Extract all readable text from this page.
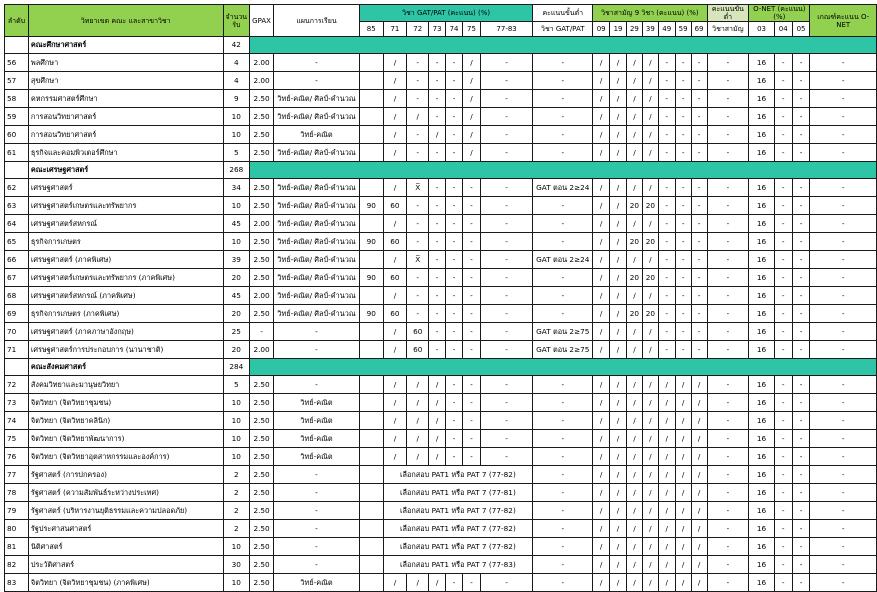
ลำดับ	วิทยาเขต คณะ และสาขาวิชา	จำนวนรับ	GPAX	แผนการเรียน	วิชา GAT/PAT (คะแนน) (%)							คะแนนขั้นต่ำ	วิชาสามัญ 9 วิชา (คะแนน) (%)							คะแนนขั้นต่ำ	O-NET (คะแนน) (%)			เกณฑ์คะแนน O-NET
					85	71	72	73	74	75	77-83	วิชา GAT/PAT	09	19	29	39	49	59	69	วิชาสามัญ	03	04	05	
	คณะศึกษาศาสตร์	42																						
56	พลศึกษา	4	2.00	-		/	-	-	-	/	-	-	/	/	/	/	-	-	-	-	16	-	-	-
57	สุขศึกษา	4	2.00	-		/	-	-	-	/	-	-	/	/	/	/	-	-	-	-	16	-	-	-
58	คหกรรมศาสตร์ศึกษา	9	2.50	วิทย์-คณิต/ ศิลป์-คำนวณ		/	-	-	-	/	-	-	/	/	/	/	-	-	-	-	16	-	-	-
59	การสอนวิทยาศาสตร์	10	2.50	วิทย์-คณิต/ ศิลป์-คำนวณ		/	/	-	-	/	-	-	/	/	/	/	-	-	-	-	16	-	-	-
60	การสอนวิทยาศาสตร์	10	2.50	วิทย์-คณิต		/	-	/	-	/	-	-	/	/	/	/	-	-	-	-	16	-	-	-
61	ธุรกิจและคอมพิวเตอร์ศึกษา	5	2.50	วิทย์-คณิต/ ศิลป์-คำนวณ		/	-	-	-	/	-	-	/	/	/	/	-	-	-	-	16	-	-	-
	คณะเศรษฐศาสตร์	268																						
62	เศรษฐศาสตร์	34	2.50	วิทย์-คณิต/ ศิลป์-คำนวณ		/	X̅	-	-	-	-	GAT ตอน 2≥24	/	/	/	/	-	-	-	-	16	-	-	-
63	เศรษฐศาสตร์เกษตรและทรัพยากร	10	2.50	วิทย์-คณิต/ ศิลป์-คำนวณ	90	60	-	-	-	-	-	-	/	/	20	20	-	-	-	-	16	-	-	-
64	เศรษฐศาสตร์สหกรณ์	45	2.00	วิทย์-คณิต/ ศิลป์-คำนวณ		/	-	-	-	-	-	-	/	/	/	/	-	-	-	-	16	-	-	-
65	ธุรกิจการเกษตร	10	2.50	วิทย์-คณิต/ ศิลป์-คำนวณ	90	60	-	-	-	-	-	-	/	/	20	20	-	-	-	-	16	-	-	-
66	เศรษฐศาสตร์ (ภาคพิเศษ)	39	2.50	วิทย์-คณิต/ ศิลป์-คำนวณ		/	X̅	-	-	-	-	GAT ตอน 2≥24	/	/	/	/	-	-	-	-	16	-	-	-
67	เศรษฐศาสตร์เกษตรและทรัพยากร (ภาคพิเศษ)	20	2.50	วิทย์-คณิต/ ศิลป์-คำนวณ	90	60	-	-	-	-	-	-	/	/	20	20	-	-	-	-	16	-	-	-
68	เศรษฐศาสตร์สหกรณ์ (ภาคพิเศษ)	45	2.00	วิทย์-คณิต/ ศิลป์-คำนวณ		/	-	-	-	-	-	-	/	/	/	/	-	-	-	-	16	-	-	-
69	ธุรกิจการเกษตร (ภาคพิเศษ)	20	2.50	วิทย์-คณิต/ ศิลป์-คำนวณ	90	60	-	-	-	-	-	-	/	/	20	20	-	-	-	-	16	-	-	-
70	เศรษฐศาสตร์ (ภาคภาษาอังกฤษ)	25	-	-		/	60	-	-	-	-	GAT ตอน 2≥75	/	/	/	/	-	-	-	-	16	-	-	-
71	เศรษฐศาสตร์การประกอบการ (นานาชาติ)	20	2.00	-		/	60	-	-	-	-	GAT ตอน 2≥75	/	/	/	/	-	-	-	-	16	-	-	-
	คณะสังคมศาสตร์	284																						
72	สังคมวิทยาและมานุษยวิทยา	5	2.50	-		/	/	/	-	-	-	-	/	/	/	/	/	/	/	-	16	-	-	-
73	จิตวิทยา (จิตวิทยาชุมชน)	10	2.50	วิทย์-คณิต		/	/	/	-	-	-	-	/	/	/	/	/	/	/	-	16	-	-	-
74	จิตวิทยา (จิตวิทยาคลินิก)	10	2.50	วิทย์-คณิต		/	/	/	-	-	-	-	/	/	/	/	/	/	/	-	16	-	-	-
75	จิตวิทยา (จิตวิทยาพัฒนาการ)	10	2.50	วิทย์-คณิต		/	/	/	-	-	-	-	/	/	/	/	/	/	/	-	16	-	-	-
76	จิตวิทยา (จิตวิทยาอุตสาหกรรมและองค์การ)	10	2.50	วิทย์-คณิต		/	/	/	-	-	-	-	/	/	/	/	/	/	/	-	16	-	-	-
77	รัฐศาสตร์ (การปกครอง)	2	2.50	-		เลือกสอบ PAT1 หรือ PAT 7 (77-82)						-	/	/	/	/	/	/	/	-	16	-	-	-
78	รัฐศาสตร์ (ความสัมพันธ์ระหว่างประเทศ)	2	2.50	-		เลือกสอบ PAT1 หรือ PAT 7 (77-81)						-	/	/	/	/	/	/	/	-	16	-	-	-
79	รัฐศาสตร์ (บริหารงานยุติธรรมและความปลอดภัย)	2	2.50	-		เลือกสอบ PAT1 หรือ PAT 7 (77-82)						-	/	/	/	/	/	/	/	-	16	-	-	-
80	รัฐประศาสนศาสตร์	2	2.50	-		เลือกสอบ PAT1 หรือ PAT 7 (77-82)						-	/	/	/	/	/	/	/	-	16	-	-	-
81	นิติศาสตร์	10	2.50	-		เลือกสอบ PAT1 หรือ PAT 7 (77-82)						-	/	/	/	/	/	/	/	-	16	-	-	-
82	ประวัติศาสตร์	30	2.50	-		เลือกสอบ PAT1 หรือ PAT 7 (77-83)						-	/	/	/	/	/	/	/	-	16	-	-	-
83	จิตวิทยา (จิตวิทยาชุมชน) (ภาคพิเศษ)	10	2.50	วิทย์-คณิต		/	/	/	-	-	-	-	/	/	/	/	/	/	/	-	16	-	-	-
